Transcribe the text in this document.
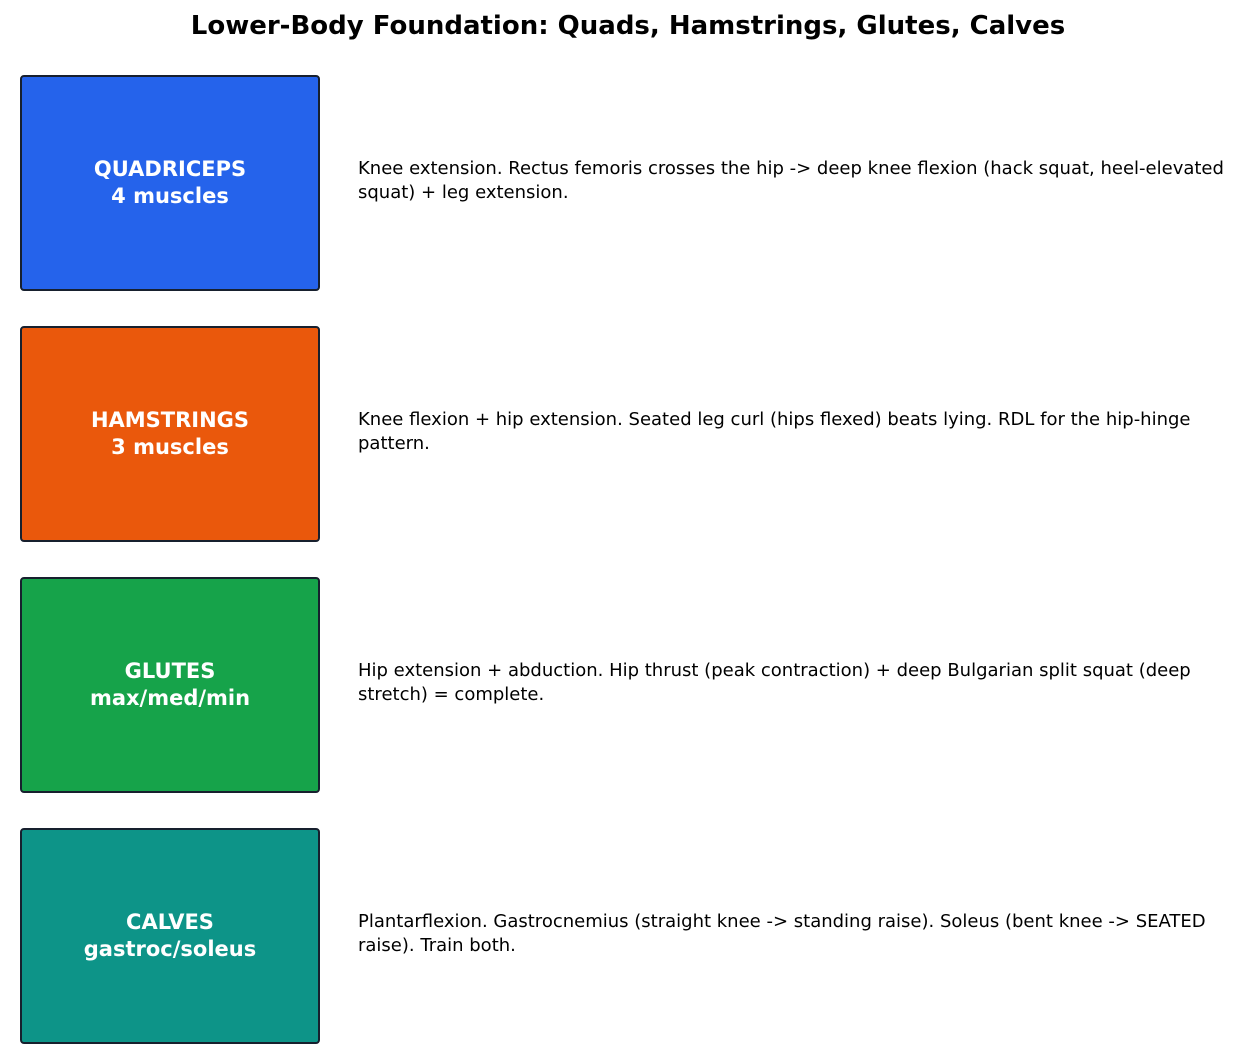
Lower-Body Foundation: Quads, Hamstrings, Glutes, Calves
QUADRICEPS
4 muscles
Knee extension. Rectus femoris crosses the hip -> deep knee flexion (hack squat, heel-elevated squat) + leg extension.
HAMSTRINGS
3 muscles
Knee flexion + hip extension. Seated leg curl (hips flexed) beats lying. RDL for the hip-hinge pattern.
GLUTES
max/med/min
Hip extension + abduction. Hip thrust (peak contraction) + deep Bulgarian split squat (deep stretch) = complete.
CALVES
gastroc/soleus
Plantarflexion. Gastrocnemius (straight knee -> standing raise). Soleus (bent knee -> SEATED raise). Train both.
